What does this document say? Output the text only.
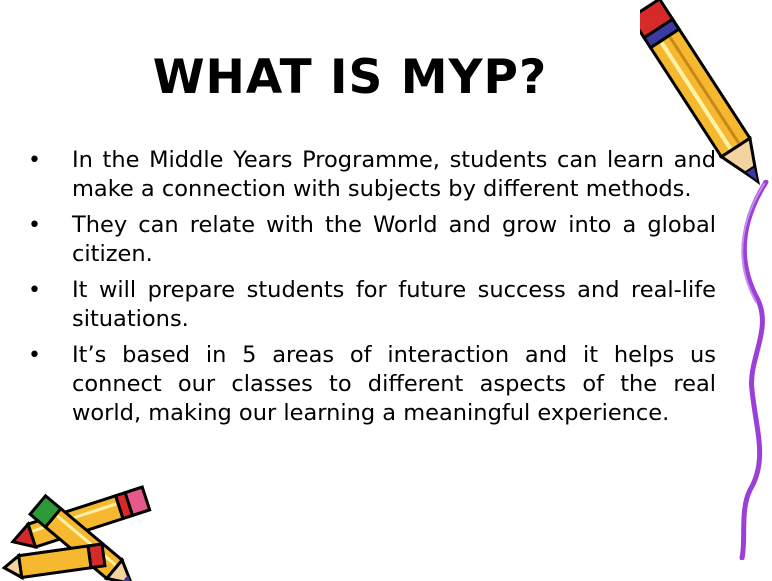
WHAT IS MYP?
•	In the Middle Years Programme, students can learn and make a connection with subjects by different methods.
•	They can relate with the World and grow into a global citizen.
•	It will prepare students for future success and real-life situations.
•	It’s based in 5 areas of interaction and it helps us connect our classes to different aspects of the real world, making our learning a meaningful experience.
